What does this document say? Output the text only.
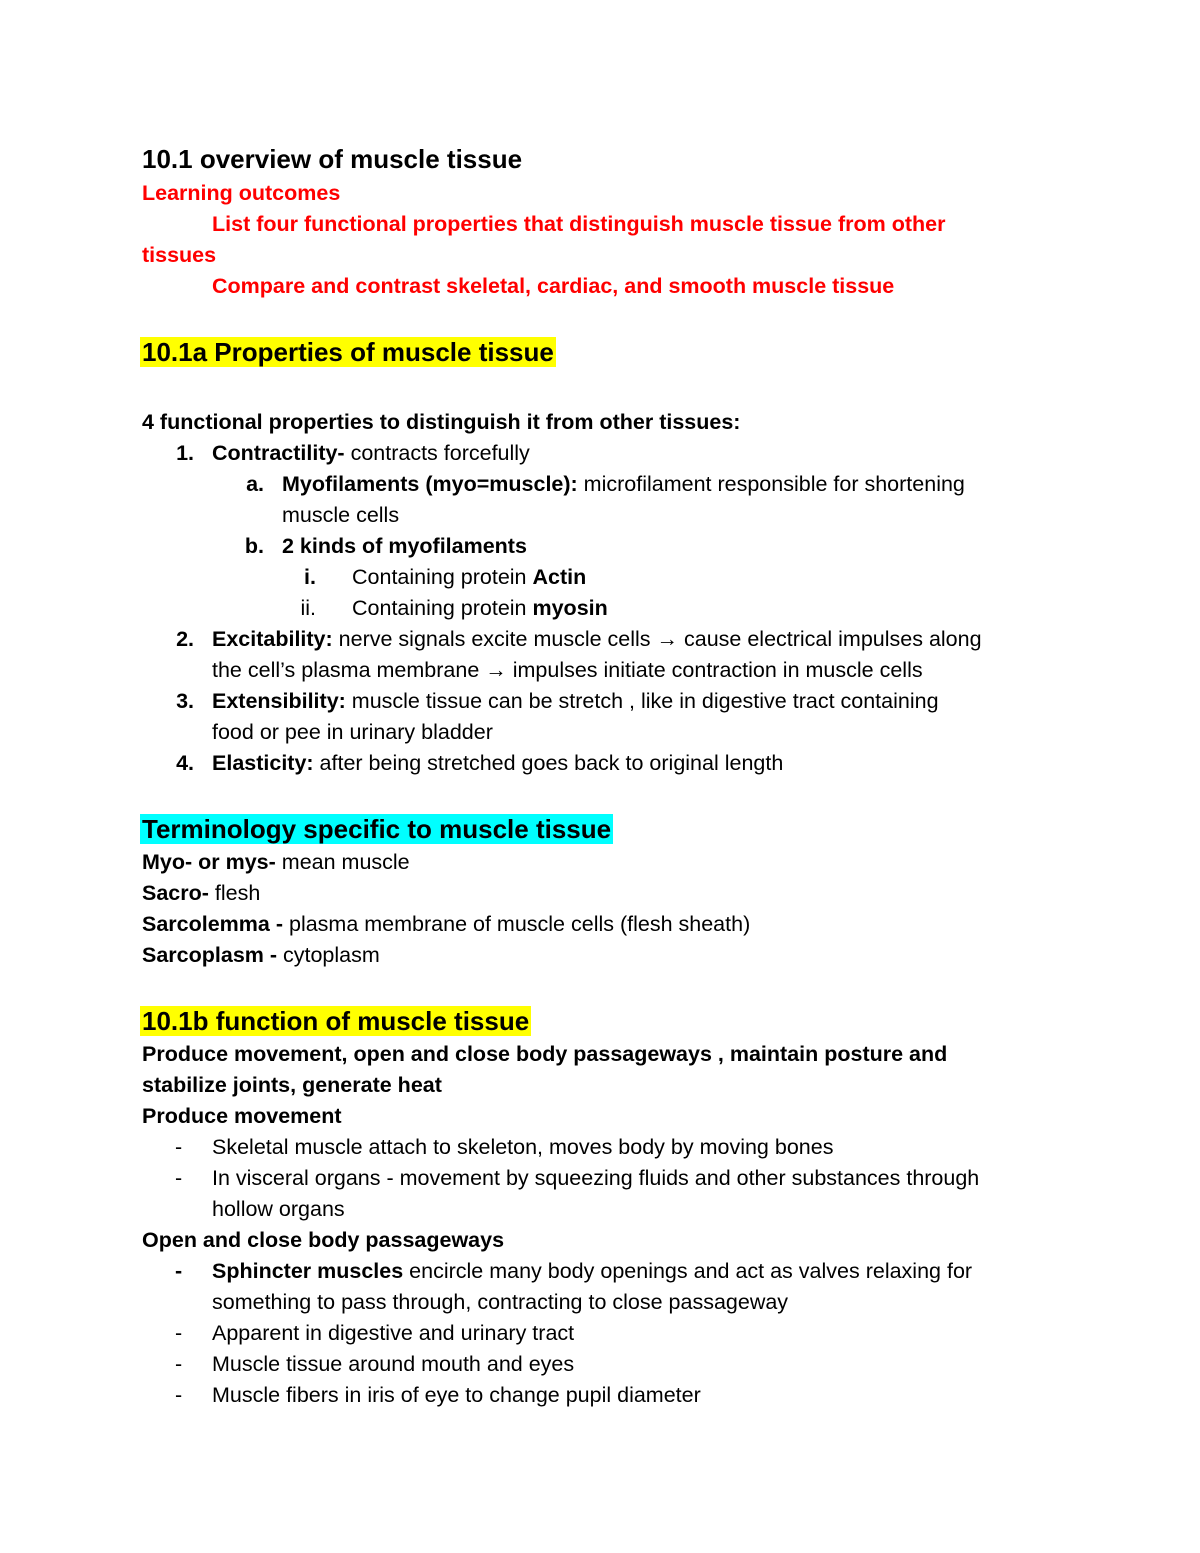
10.1 overview of muscle tissue
Learning outcomes
List four functional properties that distinguish muscle tissue from other
tissues
Compare and contrast skeletal, cardiac, and smooth muscle tissue
10.1a Properties of muscle tissue
4 functional properties to distinguish it from other tissues:
1. Contractility- contracts forcefully
a. Myofilaments (myo=muscle): microfilament responsible for shortening
muscle cells
b. 2 kinds of myofilaments
i. Containing protein Actin
ii. Containing protein myosin
2. Excitability: nerve signals excite muscle cells → cause electrical impulses along
the cell’s plasma membrane → impulses initiate contraction in muscle cells
3. Extensibility: muscle tissue can be stretch , like in digestive tract containing
food or pee in urinary bladder
4. Elasticity: after being stretched goes back to original length
Terminology specific to muscle tissue
Myo- or mys- mean muscle
Sacro- flesh
Sarcolemma - plasma membrane of muscle cells (flesh sheath)
Sarcoplasm - cytoplasm
10.1b function of muscle tissue
Produce movement, open and close body passageways , maintain posture and
stabilize joints, generate heat
Produce movement
- Skeletal muscle attach to skeleton, moves body by moving bones
- In visceral organs - movement by squeezing fluids and other substances through
hollow organs
Open and close body passageways
- Sphincter muscles encircle many body openings and act as valves relaxing for
something to pass through, contracting to close passageway
- Apparent in digestive and urinary tract
- Muscle tissue around mouth and eyes
- Muscle fibers in iris of eye to change pupil diameter
